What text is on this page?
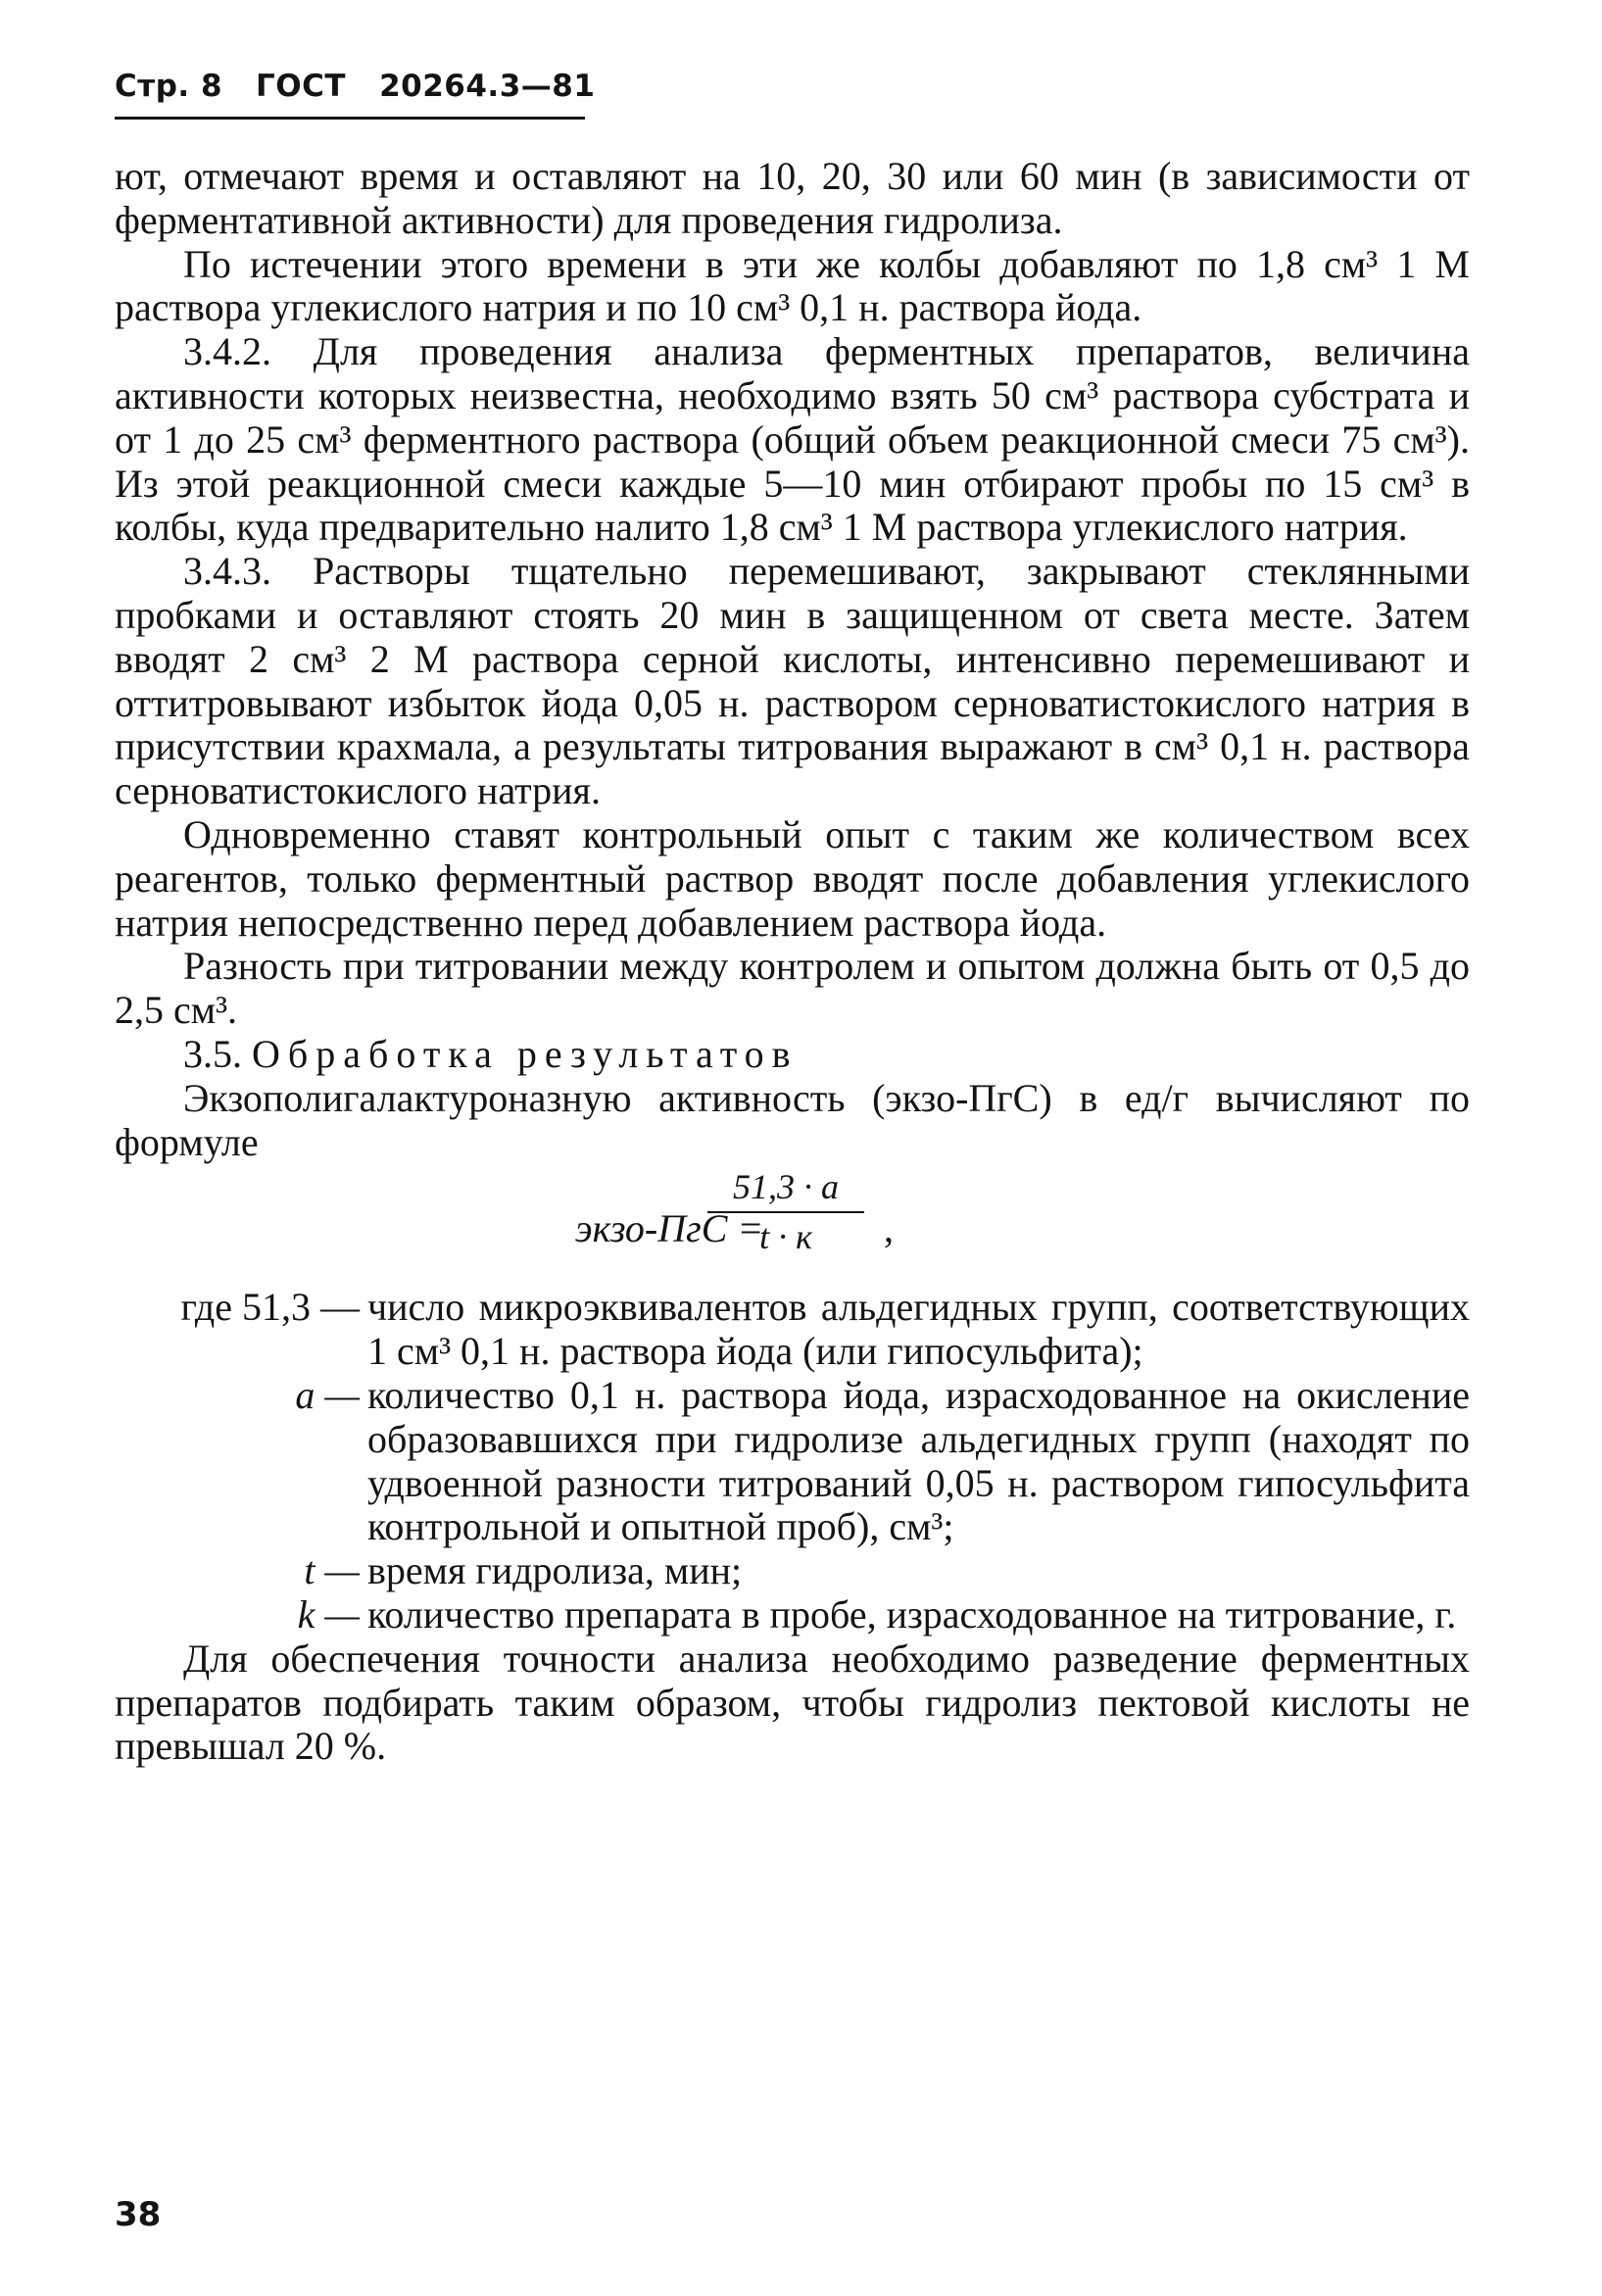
Стр. 8 ГОСТ 20264.3—81

ют, отмечают время и оставляют на 10, 20, 30 или 60 мин (в зависимости от ферментативной активности) для проведения гидролиза.

По истечении этого времени в эти же колбы добавляют по 1,8 см³ 1 М раствора углекислого натрия и по 10 см³ 0,1 н. раствора йода.

3.4.2. Для проведения анализа ферментных препаратов, величина активности которых неизвестна, необходимо взять 50 см³ раствора субстрата и от 1 до 25 см³ ферментного раствора (общий объем реакционной смеси 75 см³). Из этой реакционной смеси каждые 5—10 мин отбирают пробы по 15 см³ в колбы, куда предварительно налито 1,8 см³ 1 М раствора углекислого натрия.

3.4.3. Растворы тщательно перемешивают, закрывают стеклянными пробками и оставляют стоять 20 мин в защищенном от света месте. Затем вводят 2 см³ 2 М раствора серной кислоты, интенсивно перемешивают и оттитровывают избыток йода 0,05 н. раствором серноватистокислого натрия в присутствии крахмала, а результаты титрования выражают в см³ 0,1 н. раствора серноватистокислого натрия.

Одновременно ставят контрольный опыт с таким же количеством всех реагентов, только ферментный раствор вводят после добавления углекислого натрия непосредственно перед добавлением раствора йода.

Разность при титровании между контролем и опытом должна быть от 0,5 до 2,5 см³.

3.5. Обработка результатов

Экзополигалактуроназную активность (экзо-ПгС) в ед/г вычисляют по формуле

экзо-ПгС =
51,3 · a
t · к	,
где 51,3 — число микроэквивалентов альдегидных групп, соответствующих 1 см³ 0,1 н. раствора йода (или гипосульфита);
a — количество 0,1 н. раствора йода, израсходованное на окисление образовавшихся при гидролизе альдегидных групп (находят по удвоенной разности титрований 0,05 н. раствором гипосульфита контрольной и опытной проб), см³;
t — время гидролиза, мин;
k — количество препарата в пробе, израсходованное на титрование, г.

Для обеспечения точности анализа необходимо разведение ферментных препаратов подбирать таким образом, чтобы гидролиз пектовой кислоты не превышал 20 %.

38
